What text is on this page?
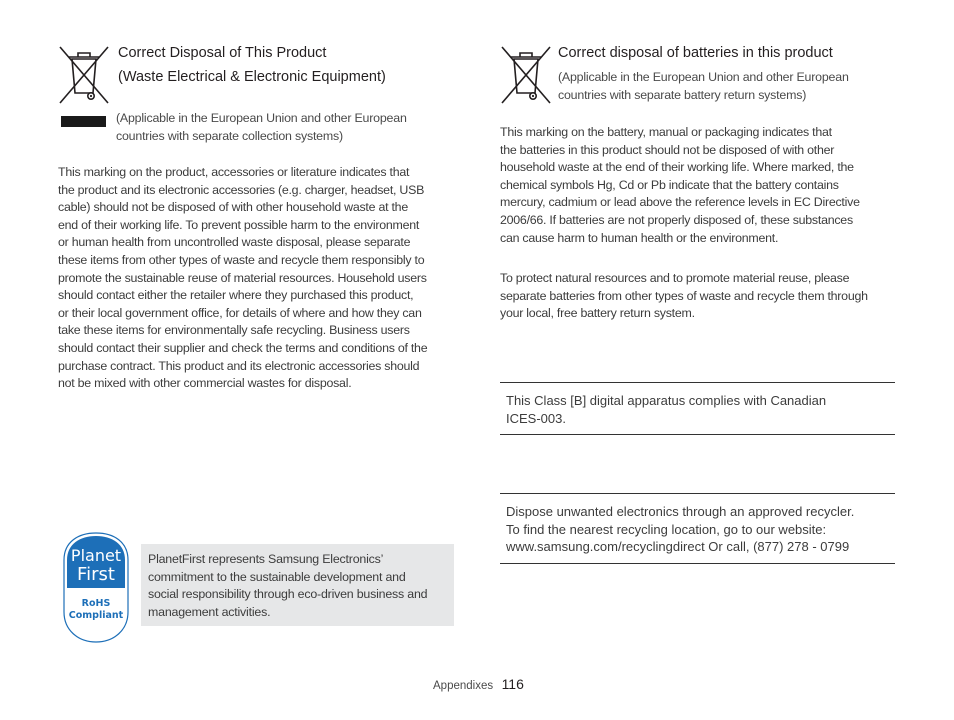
Correct Disposal of This Product
(Waste Electrical & Electronic Equipment)
(Applicable in the European Union and other European
countries with separate collection systems)
This marking on the product, accessories or literature indicates that
the product and its electronic accessories (e.g. charger, headset, USB
cable) should not be disposed of with other household waste at the
end of their working life. To prevent possible harm to the environment
or human health from uncontrolled waste disposal, please separate
these items from other types of waste and recycle them responsibly to
promote the sustainable reuse of material resources. Household users
should contact either the retailer where they purchased this product,
or their local government office, for details of where and how they can
take these items for environmentally safe recycling. Business users
should contact their supplier and check the terms and conditions of the
purchase contract. This product and its electronic accessories should
not be mixed with other commercial wastes for disposal.
Planet
First
RoHS
Compliant
PlanetFirst represents Samsung Electronics’
commitment to the sustainable development and
social responsibility through eco-driven business and
management activities.
Correct disposal of batteries in this product
(Applicable in the European Union and other European
countries with separate battery return systems)
This marking on the battery, manual or packaging indicates that
the batteries in this product should not be disposed of with other
household waste at the end of their working life. Where marked, the
chemical symbols Hg, Cd or Pb indicate that the battery contains
mercury, cadmium or lead above the reference levels in EC Directive
2006/66. If batteries are not properly disposed of, these substances
can cause harm to human health or the environment.
To protect natural resources and to promote material reuse, please
separate batteries from other types of waste and recycle them through
your local, free battery return system.
This Class [B] digital apparatus complies with Canadian
ICES-003.
Dispose unwanted electronics through an approved recycler.
To find the nearest recycling location, go to our website:
www.samsung.com/recyclingdirect Or call, (877) 278 - 0799
Appendixes 116
